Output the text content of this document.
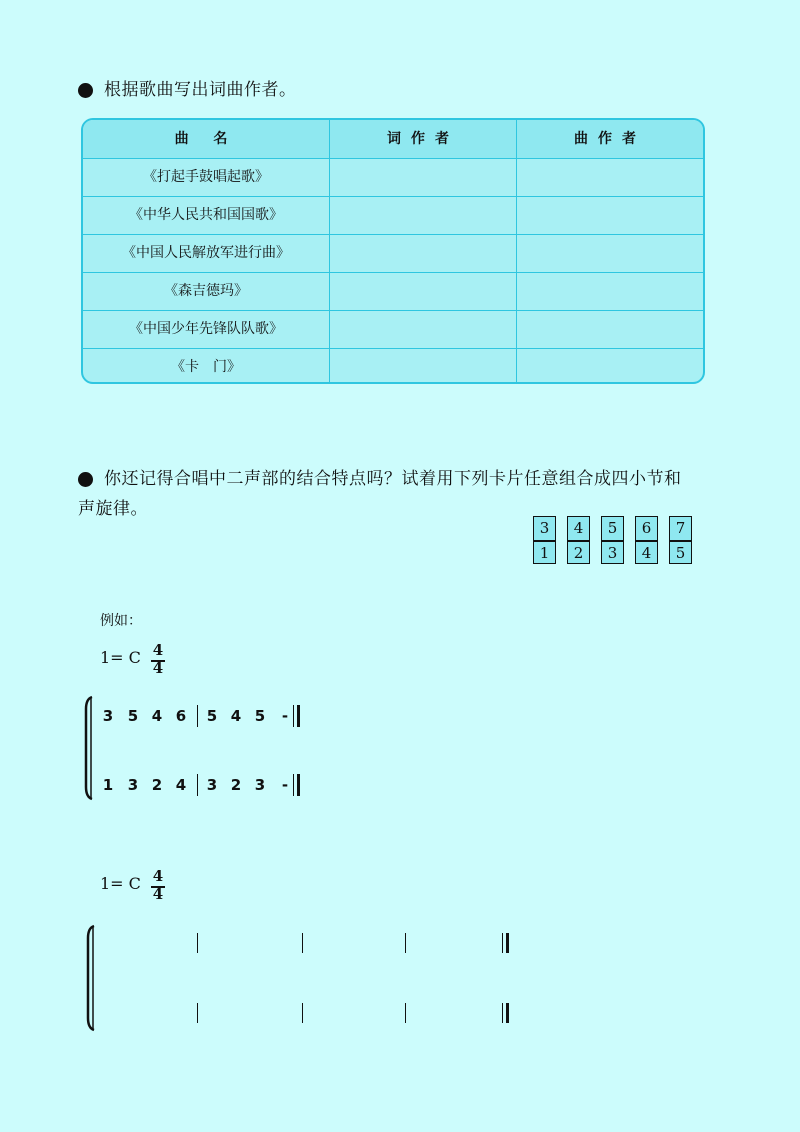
根据歌曲写出词曲作者。
曲 名	词作者	曲作者
《打起手鼓唱起歌》
《中华人民共和国国歌》
《中国人民解放军进行曲》
《森吉德玛》
《中国少年先锋队队歌》
《卡　门》
你还记得合唱中二声部的结合特点吗？试着用下列卡片任意组合成四小节和
声旋律。
3
1
4
2
5
3
6
4
7
5
例如：
1= C 4
4
3 5 4 6 5 4 5 -
1 3 2 4 3 2 3 -
1= C 4
4
